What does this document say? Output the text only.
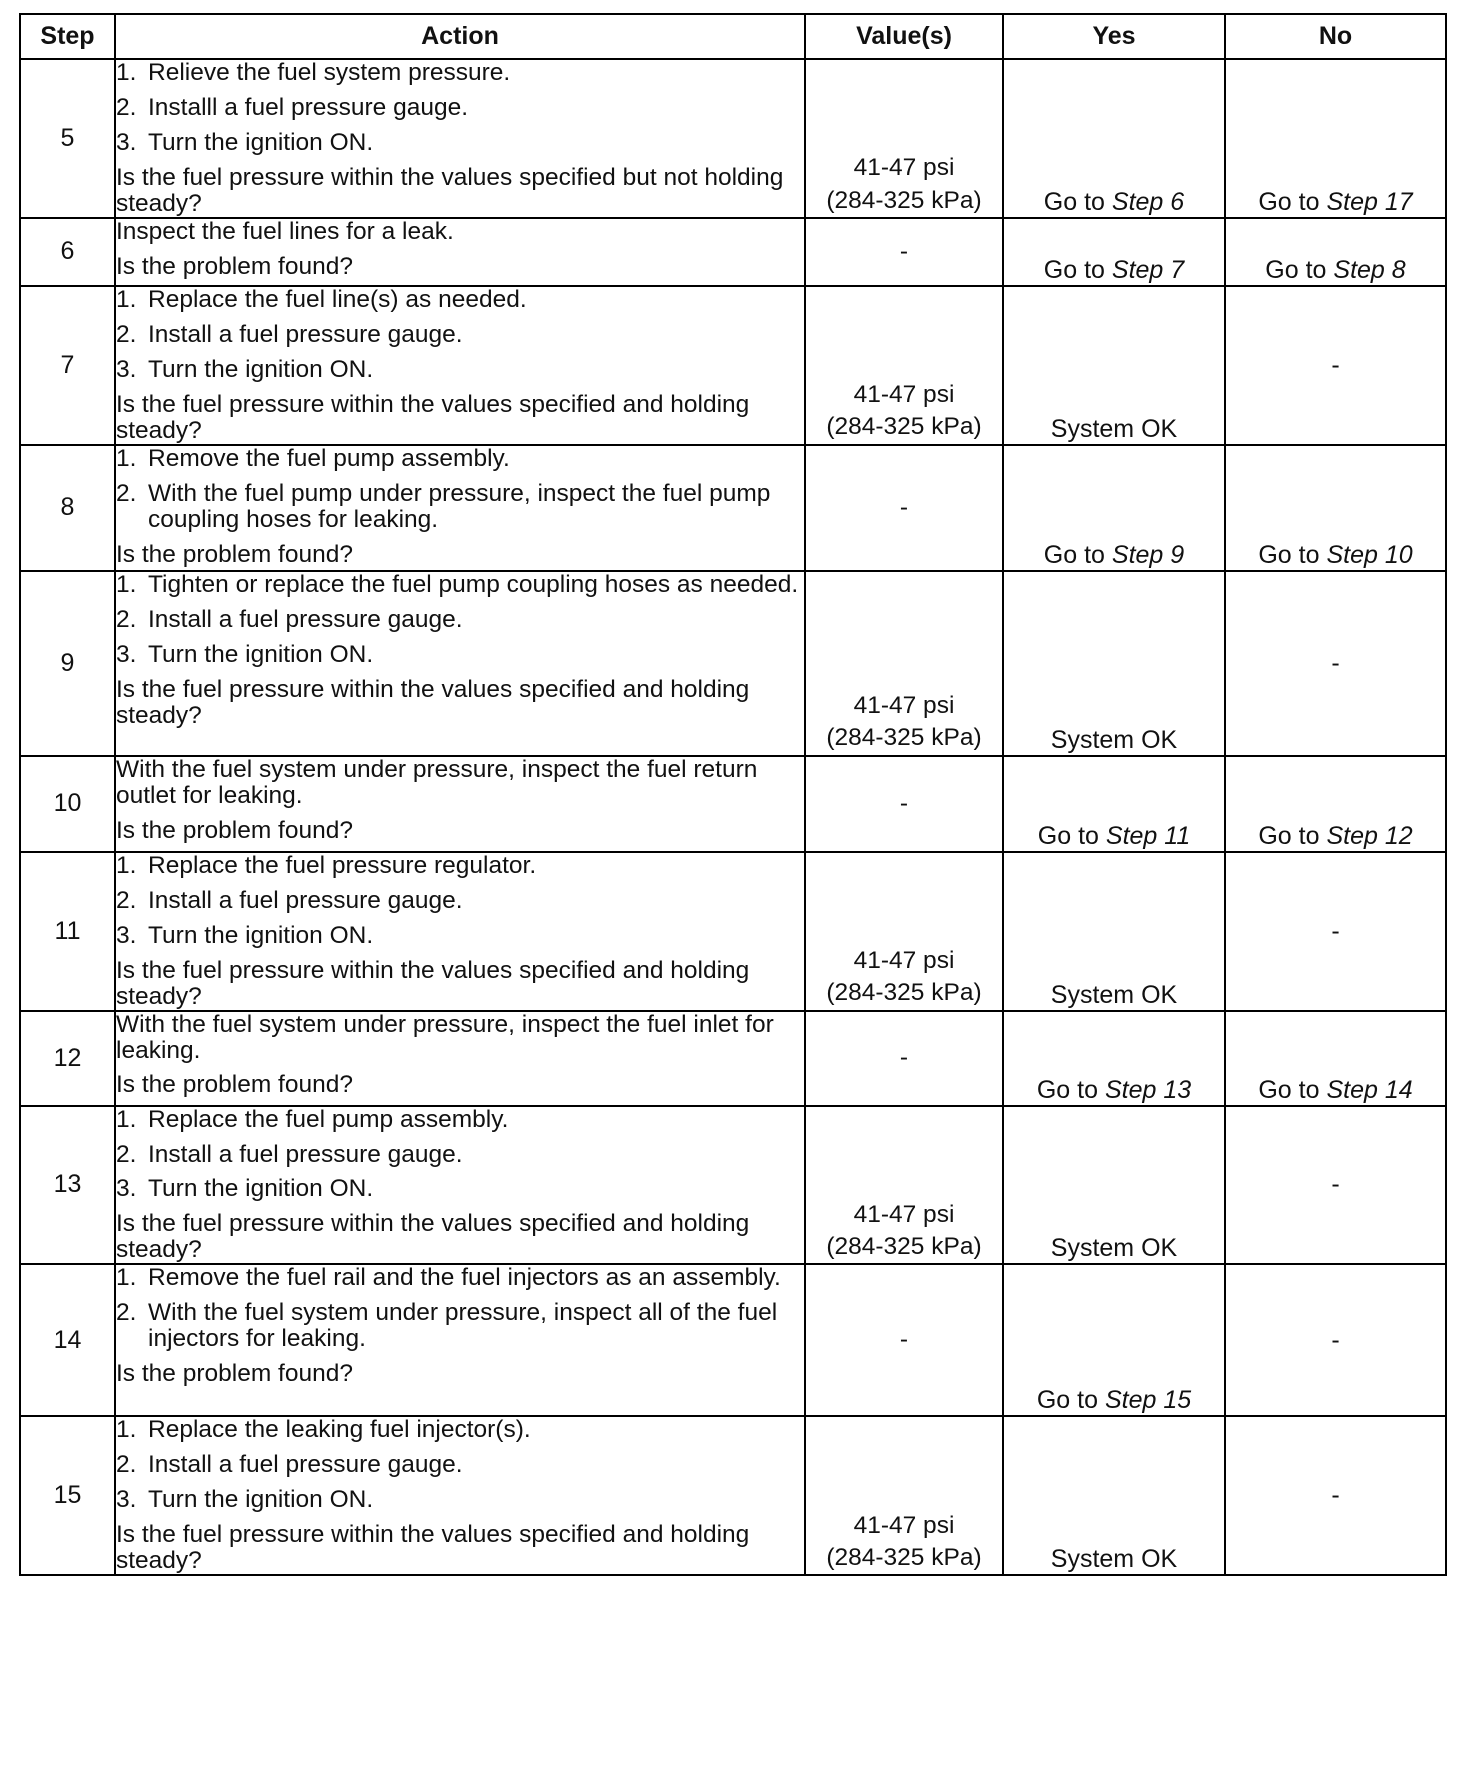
Step	Action	Value(s)	Yes	No
5	1. Relieve the fuel system pressure.
2. Installl a fuel pressure gauge.
3. Turn the ignition ON.
Is the fuel pressure within the values specified but not holding steady?	41-47 psi
(284-325 kPa)	Go to Step 6	Go to Step 17
6	Inspect the fuel lines for a leak.
Is the problem found?	-	Go to Step 7	Go to Step 8
7	1. Replace the fuel line(s) as needed.
2. Install a fuel pressure gauge.
3. Turn the ignition ON.
Is the fuel pressure within the values specified and holding steady?	41-47 psi
(284-325 kPa)	System OK	-
8	1. Remove the fuel pump assembly.
2. With the fuel pump under pressure, inspect the fuel pump coupling hoses for leaking.
Is the problem found?	-	Go to Step 9	Go to Step 10
9	1. Tighten or replace the fuel pump coupling hoses as needed.
2. Install a fuel pressure gauge.
3. Turn the ignition ON.
Is the fuel pressure within the values specified and holding steady?	41-47 psi
(284-325 kPa)	System OK	-
10	With the fuel system under pressure, inspect the fuel return outlet for leaking.
Is the problem found?	-	Go to Step 11	Go to Step 12
11	1. Replace the fuel pressure regulator.
2. Install a fuel pressure gauge.
3. Turn the ignition ON.
Is the fuel pressure within the values specified and holding steady?	41-47 psi
(284-325 kPa)	System OK	-
12	With the fuel system under pressure, inspect the fuel inlet for leaking.
Is the problem found?	-	Go to Step 13	Go to Step 14
13	1. Replace the fuel pump assembly.
2. Install a fuel pressure gauge.
3. Turn the ignition ON.
Is the fuel pressure within the values specified and holding steady?	41-47 psi
(284-325 kPa)	System OK	-
14	1. Remove the fuel rail and the fuel injectors as an assembly.
2. With the fuel system under pressure, inspect all of the fuel injectors for leaking.
Is the problem found?	-	Go to Step 15	-
15	1. Replace the leaking fuel injector(s).
2. Install a fuel pressure gauge.
3. Turn the ignition ON.
Is the fuel pressure within the values specified and holding steady?	41-47 psi
(284-325 kPa)	System OK	-
